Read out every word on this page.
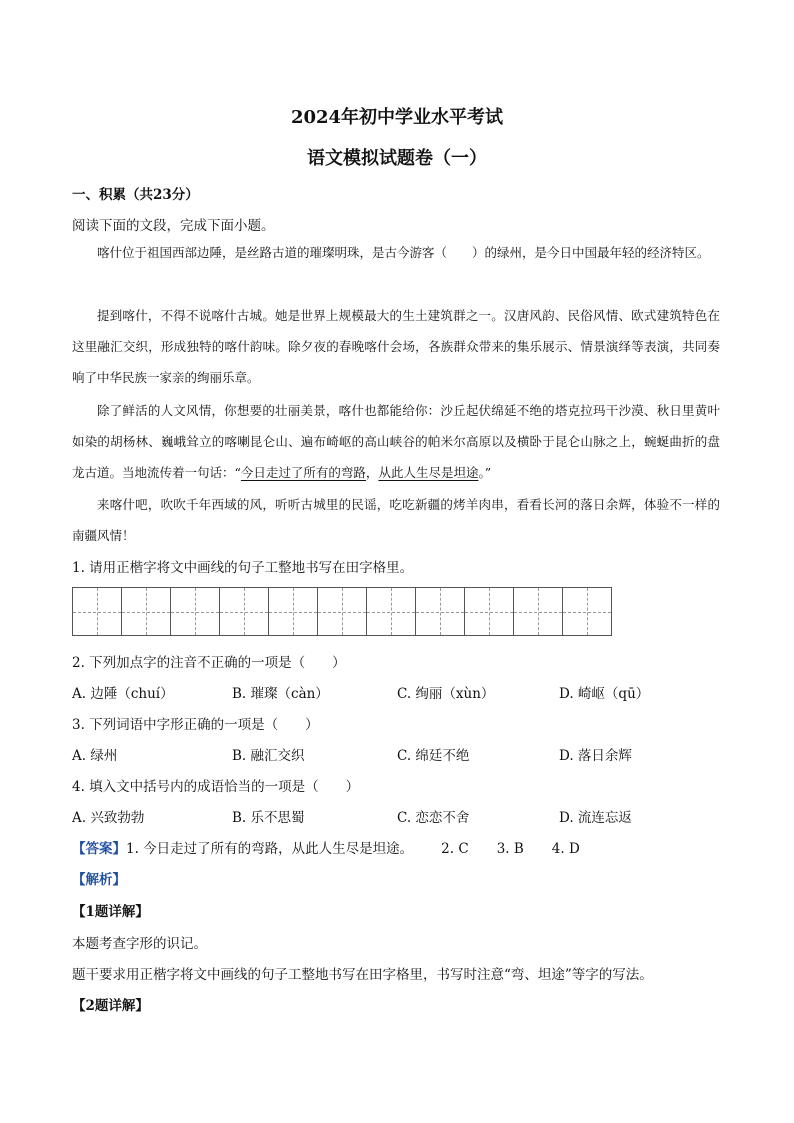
2024年初中学业水平考试
语文模拟试题卷（一）
一、积累（共23分）
阅读下面的文段，完成下面小题。
喀什位于祖国西部边陲，是丝路古道的璀璨明珠，是古今游客（　　）的绿州，是今日中国最年轻的经济特区。
提到喀什，不得不说喀什古城。她是世界上规模最大的生土建筑群之一。汉唐风韵、民俗风情、欧式建筑特色在这里融汇交织，形成独特的喀什韵味。除夕夜的春晚喀什会场，各族群众带来的集乐展示、情景演绎等表演，共同奏响了中华民族一家亲的绚丽乐章。
除了鲜活的人文风情，你想要的壮丽美景，喀什也都能给你：沙丘起伏绵延不绝的塔克拉玛干沙漠、秋日里黄叶如染的胡杨林、巍峨耸立的喀喇昆仑山、遍布崎岖的高山峡谷的帕米尔高原以及横卧于昆仑山脉之上，蜿蜒曲折的盘龙古道。当地流传着一句话：“今日走过了所有的弯路，从此人生尽是坦途。”
来喀什吧，吹吹千年西域的风，听听古城里的民谣，吃吃新疆的烤羊肉串，看看长河的落日余辉，体验不一样的南疆风情！
1. 请用正楷字将文中画线的句子工整地书写在田字格里。
2. 下列加点字的注音不正确的一项是（　　）
A. 边陲（chuí）	B. 璀璨（càn）	C. 绚丽（xùn）	D. 崎岖（qū）
3. 下列词语中字形正确的一项是（　　）
A. 绿州	B. 融汇交织	C. 绵廷不绝	D. 落日余辉
4. 填入文中括号内的成语恰当的一项是（　　）
A. 兴致勃勃	B. 乐不思蜀	C. 恋恋不舍	D. 流连忘返
【答案】1. 今日走过了所有的弯路，从此人生尽是坦途。 2. C 3. B 4. D
【解析】
【1题详解】
本题考查字形的识记。
题干要求用正楷字将文中画线的句子工整地书写在田字格里，书写时注意“弯、坦途”等字的写法。
【2题详解】
